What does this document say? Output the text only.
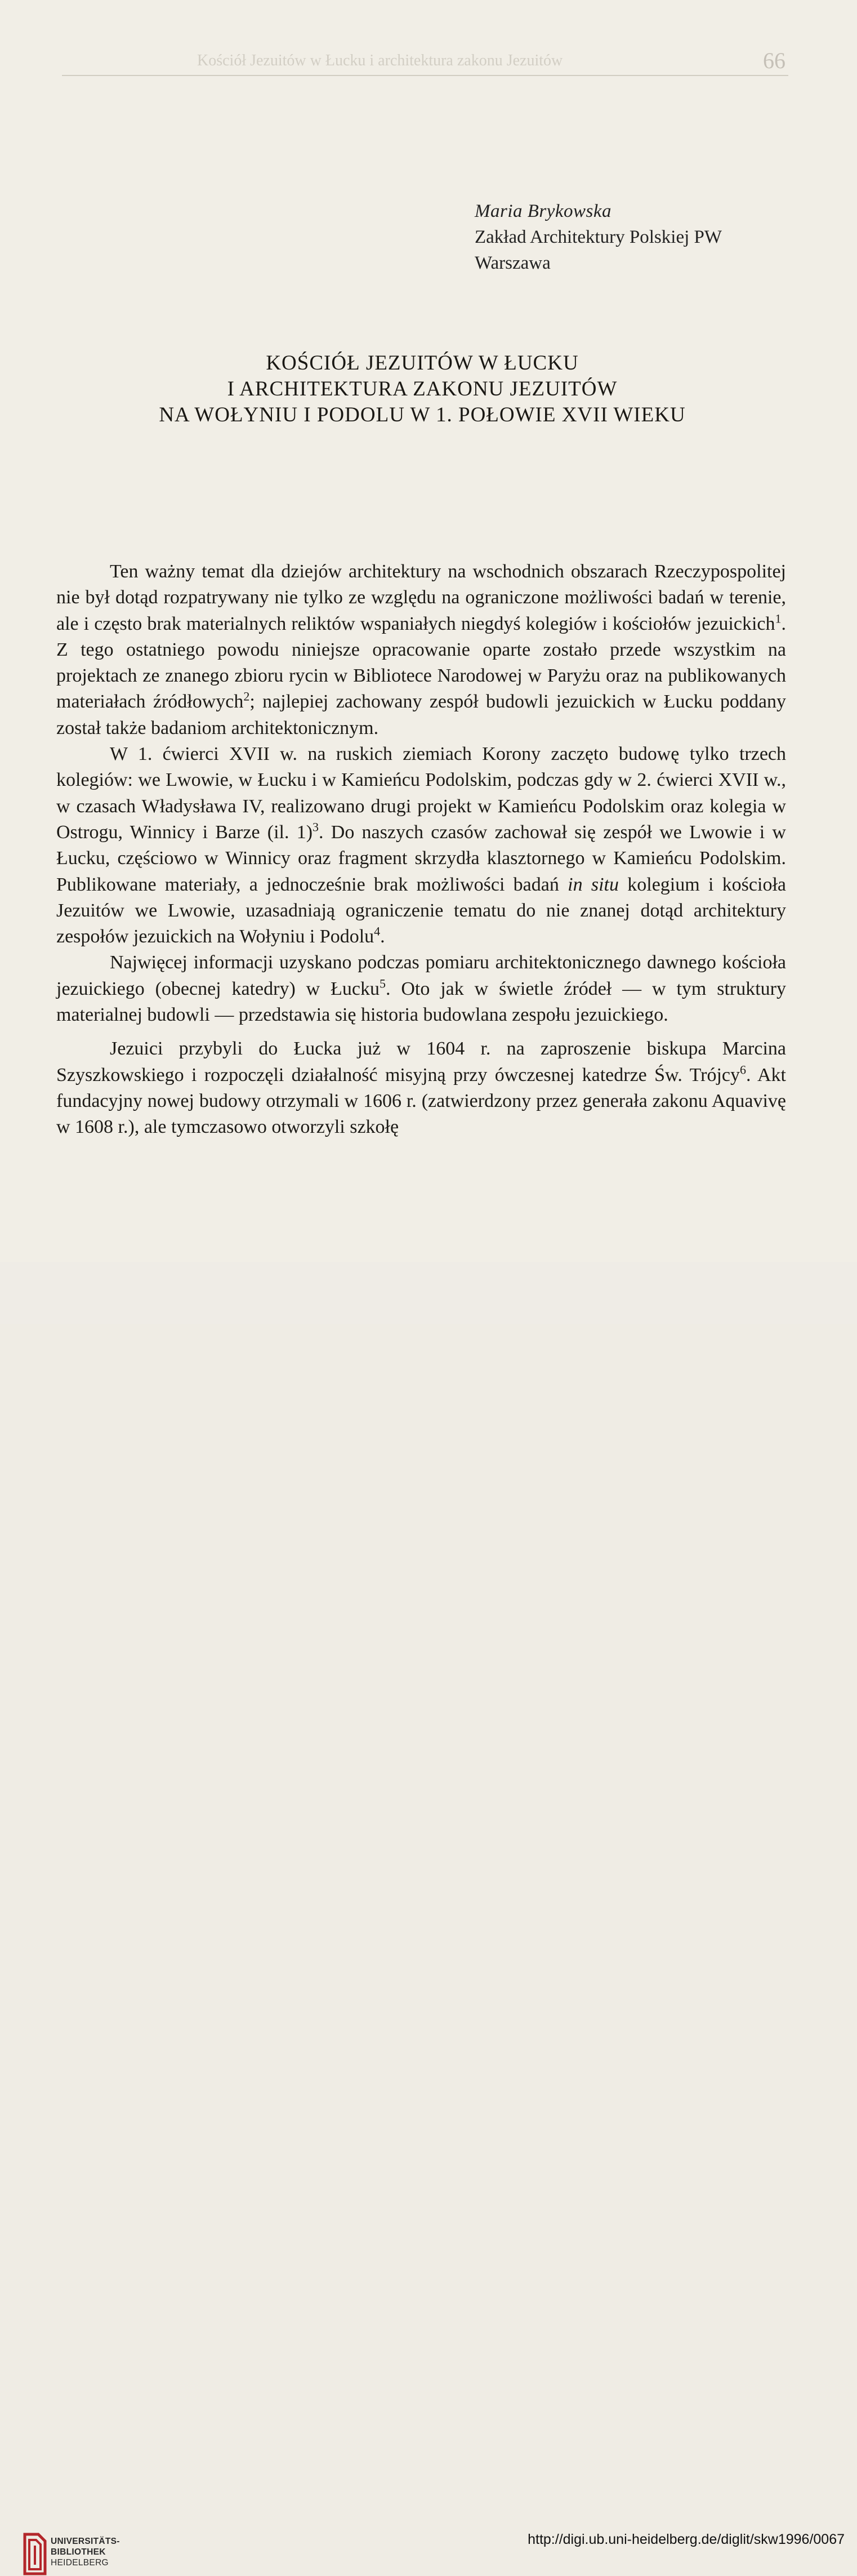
Kościół Jezuitów w Łucku i architektura zakonu Jezuitów	66
Maria Brykowska
Zakład Architektury Polskiej PW
Warszawa
KOŚCIÓŁ JEZUITÓW W ŁUCKU
I ARCHITEKTURA ZAKONU JEZUITÓW
NA WOŁYNIU I PODOLU W 1. POŁOWIE XVII WIEKU

Ten ważny temat dla dziejów architektury na wschodnich obszarach Rzeczypospolitej nie był dotąd rozpatrywany nie tylko ze względu na ograniczone możliwości badań w terenie, ale i często brak materialnych reliktów wspaniałych niegdyś kolegiów i kościołów jezuickich$^1$. Z tego ostatniego powodu niniejsze opracowanie oparte zostało przede wszystkim na projektach ze znanego zbioru rycin w Bibliotece Narodowej w Paryżu oraz na publikowanych materiałach źródłowych$^2$; najlepiej zachowany zespół budowli jezuickich w Łucku poddany został także badaniom architektonicznym.

W 1. ćwierci XVII w. na ruskich ziemiach Korony zaczęto budowę tylko trzech kolegiów: we Lwowie, w Łucku i w Kamieńcu Podolskim, podczas gdy w 2. ćwierci XVII w., w czasach Władysława IV, realizowano drugi projekt w Kamieńcu Podolskim oraz kolegia w Ostrogu, Winnicy i Barze (il. 1)$^3$. Do naszych czasów zachował się zespół we Lwowie i w Łucku, częściowo w Winnicy oraz fragment skrzydła klasztornego w Kamieńcu Podolskim. Publikowane materiały, a jednocześnie brak możliwości badań in situ kolegium i kościoła Jezuitów we Lwowie, uzasadniają ograniczenie tematu do nie znanej dotąd architektury zespołów jezuickich na Wołyniu i Podolu$^4$.

Najwięcej informacji uzyskano podczas pomiaru architektonicznego dawnego kościoła jezuickiego (obecnej katedry) w Łucku$^5$. Oto jak w świetle źródeł — w tym struktury materialnej budowli — przedstawia się historia budowlana zespołu jezuickiego.

Jezuici przybyli do Łucka już w 1604 r. na zaproszenie biskupa Marcina Szyszkowskiego i rozpoczęli działalność misyjną przy ówczesnej katedrze Św. Trójcy$^6$. Akt fundacyjny nowej budowy otrzymali w 1606 r. (zatwierdzony przez generała zakonu Aquavivę w 1608 r.), ale tymczasowo otworzyli szkołę

UNIVERSITÄTS-
BIBLIOTHEK
HEIDELBERG
http://digi.ub.uni-heidelberg.de/diglit/skw1996/0067
